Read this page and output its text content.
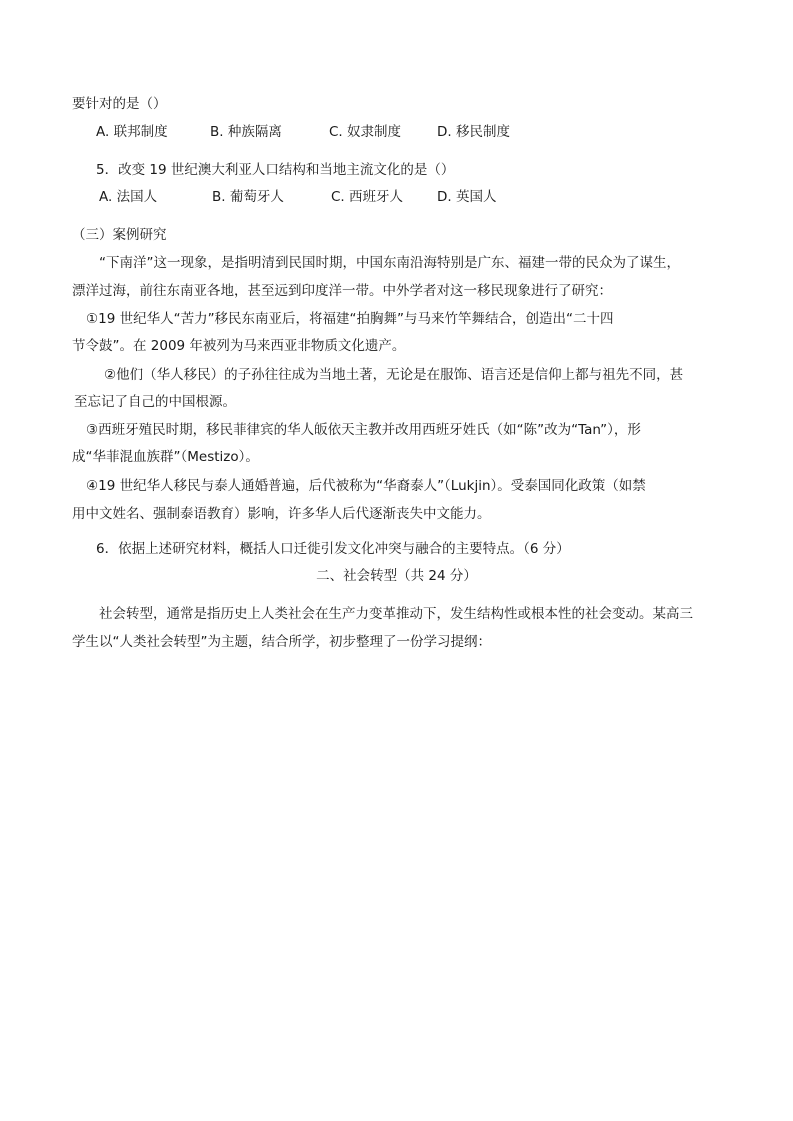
要针对的是（）
A. 联邦制度	B. 种族隔离	C. 奴隶制度	D. 移民制度
5．改变 19 世纪澳大利亚人口结构和当地主流文化的是（）
A. 法国人	B. 葡萄牙人	C. 西班牙人	D. 英国人
（三）案例研究
“下南洋”这一现象，是指明清到民国时期，中国东南沿海特别是广东、福建一带的民众为了谋生，
漂洋过海，前往东南亚各地，甚至远到印度洋一带。中外学者对这一移民现象进行了研究：
①19 世纪华人“苦力”移民东南亚后，将福建“拍胸舞”与马来竹竿舞结合，创造出“二十四
节令鼓”。在 2009 年被列为马来西亚非物质文化遗产。
②他们（华人移民）的子孙往往成为当地土著，无论是在服饰、语言还是信仰上都与祖先不同，甚
至忘记了自己的中国根源。
③西班牙殖民时期，移民菲律宾的华人皈依天主教并改用西班牙姓氏（如“陈”改为“Tan”），形
成“华菲混血族群”（Mestizo）。
④19 世纪华人移民与泰人通婚普遍，后代被称为“华裔泰人”（Lukjin）。受泰国同化政策（如禁
用中文姓名、强制泰语教育）影响，许多华人后代逐渐丧失中文能力。
6．依据上述研究材料，概括人口迁徙引发文化冲突与融合的主要特点。（6 分）
二、社会转型（共 24 分）
社会转型，通常是指历史上人类社会在生产力变革推动下，发生结构性或根本性的社会变动。某高三
学生以“人类社会转型”为主题，结合所学，初步整理了一份学习提纲：
